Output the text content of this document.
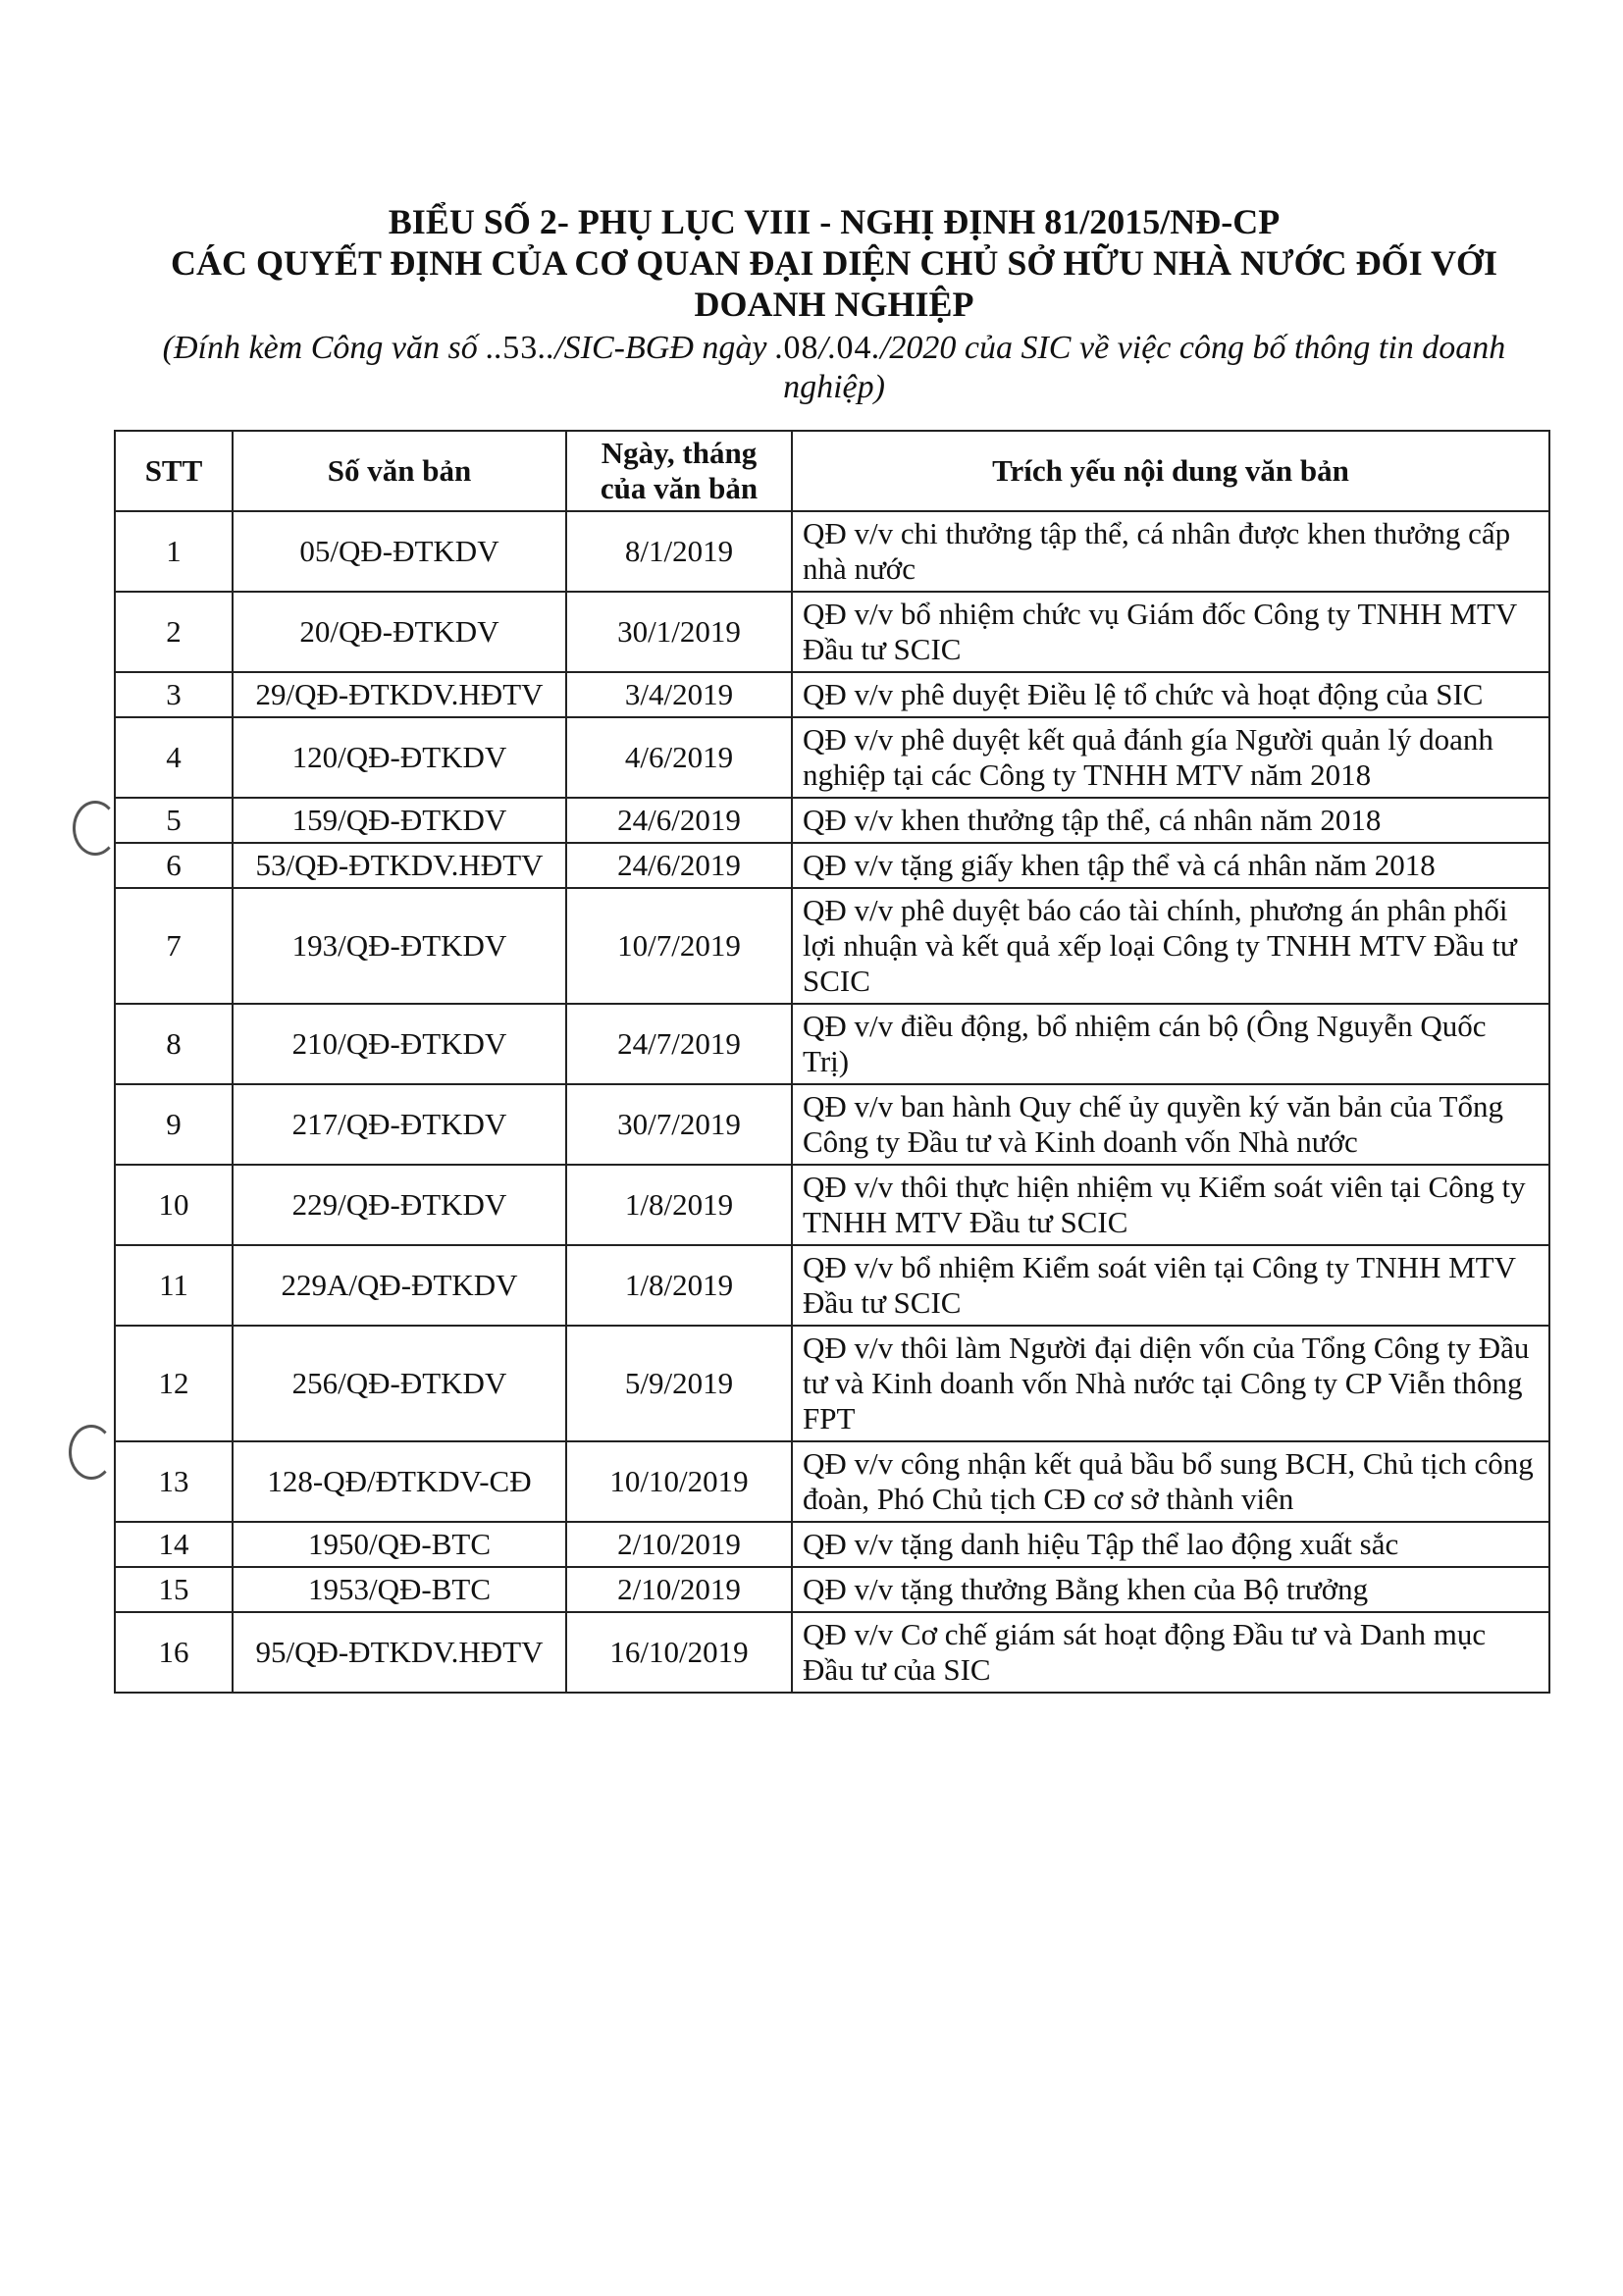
BIỂU SỐ 2- PHỤ LỤC VIII - NGHỊ ĐỊNH 81/2015/NĐ-CP

CÁC QUYẾT ĐỊNH CỦA CƠ QUAN ĐẠI DIỆN CHỦ SỞ HỮU NHÀ NƯỚC ĐỐI VỚI DOANH NGHIỆP

(Đính kèm Công văn số ..53../SIC-BGĐ ngày .08/.04./2020 của SIC về việc công bố thông tin doanh nghiệp)
STT	Số văn bản	Ngày, tháng của văn bản	Trích yếu nội dung văn bản
1	05/QĐ-ĐTKDV	8/1/2019	QĐ v/v chi thưởng tập thể, cá nhân được khen thưởng cấp nhà nước
2	20/QĐ-ĐTKDV	30/1/2019	QĐ v/v bổ nhiệm chức vụ Giám đốc Công ty TNHH MTV Đầu tư SCIC
3	29/QĐ-ĐTKDV.HĐTV	3/4/2019	QĐ v/v phê duyệt Điều lệ tổ chức và hoạt động của SIC
4	120/QĐ-ĐTKDV	4/6/2019	QĐ v/v phê duyệt kết quả đánh gía Người quản lý doanh nghiệp tại các Công ty TNHH MTV năm 2018
5	159/QĐ-ĐTKDV	24/6/2019	QĐ v/v khen thưởng tập thể, cá nhân năm 2018
6	53/QĐ-ĐTKDV.HĐTV	24/6/2019	QĐ v/v tặng giấy khen tập thể và cá nhân năm 2018
7	193/QĐ-ĐTKDV	10/7/2019	QĐ v/v phê duyệt báo cáo tài chính, phương án phân phối lợi nhuận và kết quả xếp loại Công ty TNHH MTV Đầu tư SCIC
8	210/QĐ-ĐTKDV	24/7/2019	QĐ v/v điều động, bổ nhiệm cán bộ (Ông Nguyễn Quốc Trị)
9	217/QĐ-ĐTKDV	30/7/2019	QĐ v/v ban hành Quy chế ủy quyền ký văn bản của Tổng Công ty Đầu tư và Kinh doanh vốn Nhà nước
10	229/QĐ-ĐTKDV	1/8/2019	QĐ v/v thôi thực hiện nhiệm vụ Kiểm soát viên tại Công ty TNHH MTV Đầu tư SCIC
11	229A/QĐ-ĐTKDV	1/8/2019	QĐ v/v bổ nhiệm Kiểm soát viên tại Công ty TNHH MTV Đầu tư SCIC
12	256/QĐ-ĐTKDV	5/9/2019	QĐ v/v thôi làm Người đại diện vốn của Tổng Công ty Đầu tư và Kinh doanh vốn Nhà nước tại Công ty CP Viễn thông FPT
13	128-QĐ/ĐTKDV-CĐ	10/10/2019	QĐ v/v công nhận kết quả bầu bổ sung BCH, Chủ tịch công đoàn, Phó Chủ tịch CĐ cơ sở thành viên
14	1950/QĐ-BTC	2/10/2019	QĐ v/v tặng danh hiệu Tập thể lao động xuất sắc
15	1953/QĐ-BTC	2/10/2019	QĐ v/v tặng thưởng Bằng khen của Bộ trưởng
16	95/QĐ-ĐTKDV.HĐTV	16/10/2019	QĐ v/v Cơ chế giám sát hoạt động Đầu tư và Danh mục Đầu tư của SIC
